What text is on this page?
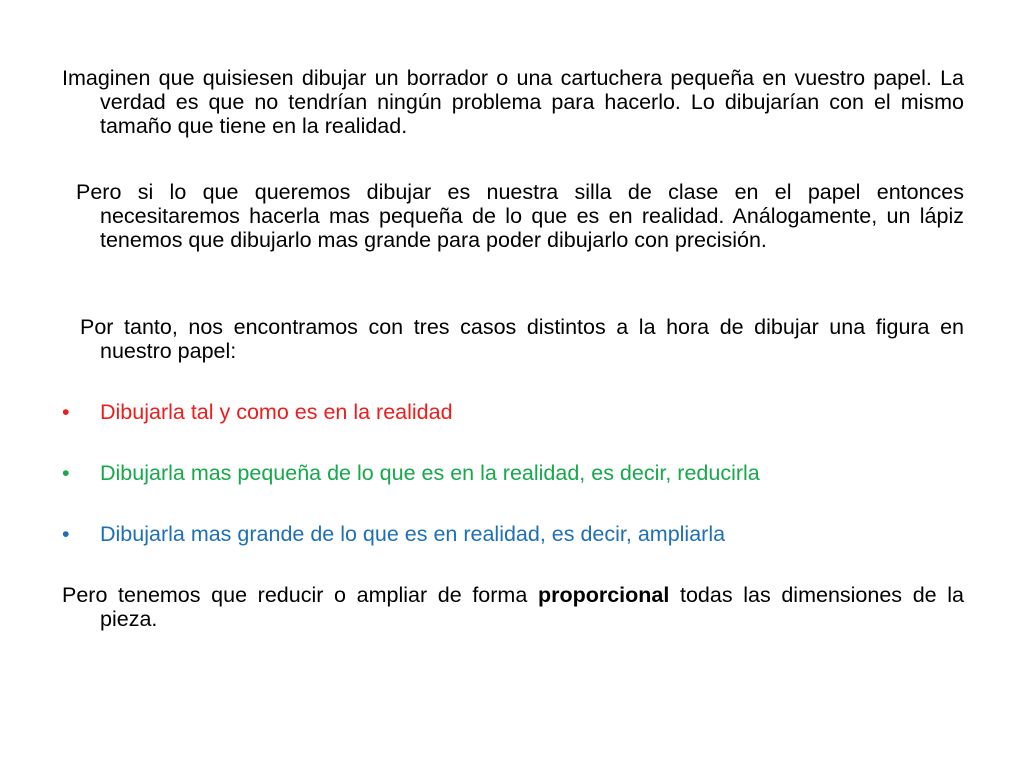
Imaginen que quisiesen dibujar un borrador o una cartuchera pequeña en vuestro papel. La verdad es que no tendrían ningún problema para hacerlo. Lo dibujarían con el mismo tamaño que tiene en la realidad.
Pero si lo que queremos dibujar es nuestra silla de clase en el papel entonces necesitaremos hacerla mas pequeña de lo que es en realidad. Análogamente, un lápiz tenemos que dibujarlo mas grande para poder dibujarlo con precisión.
Por tanto, nos encontramos con tres casos distintos a la hora de dibujar una figura en nuestro papel:
•	Dibujarla tal y como es en la realidad
•	Dibujarla mas pequeña de lo que es en la realidad, es decir, reducirla
•	Dibujarla mas grande de lo que es en realidad, es decir, ampliarla
Pero tenemos que reducir o ampliar de forma proporcional todas las dimensiones de la pieza.
